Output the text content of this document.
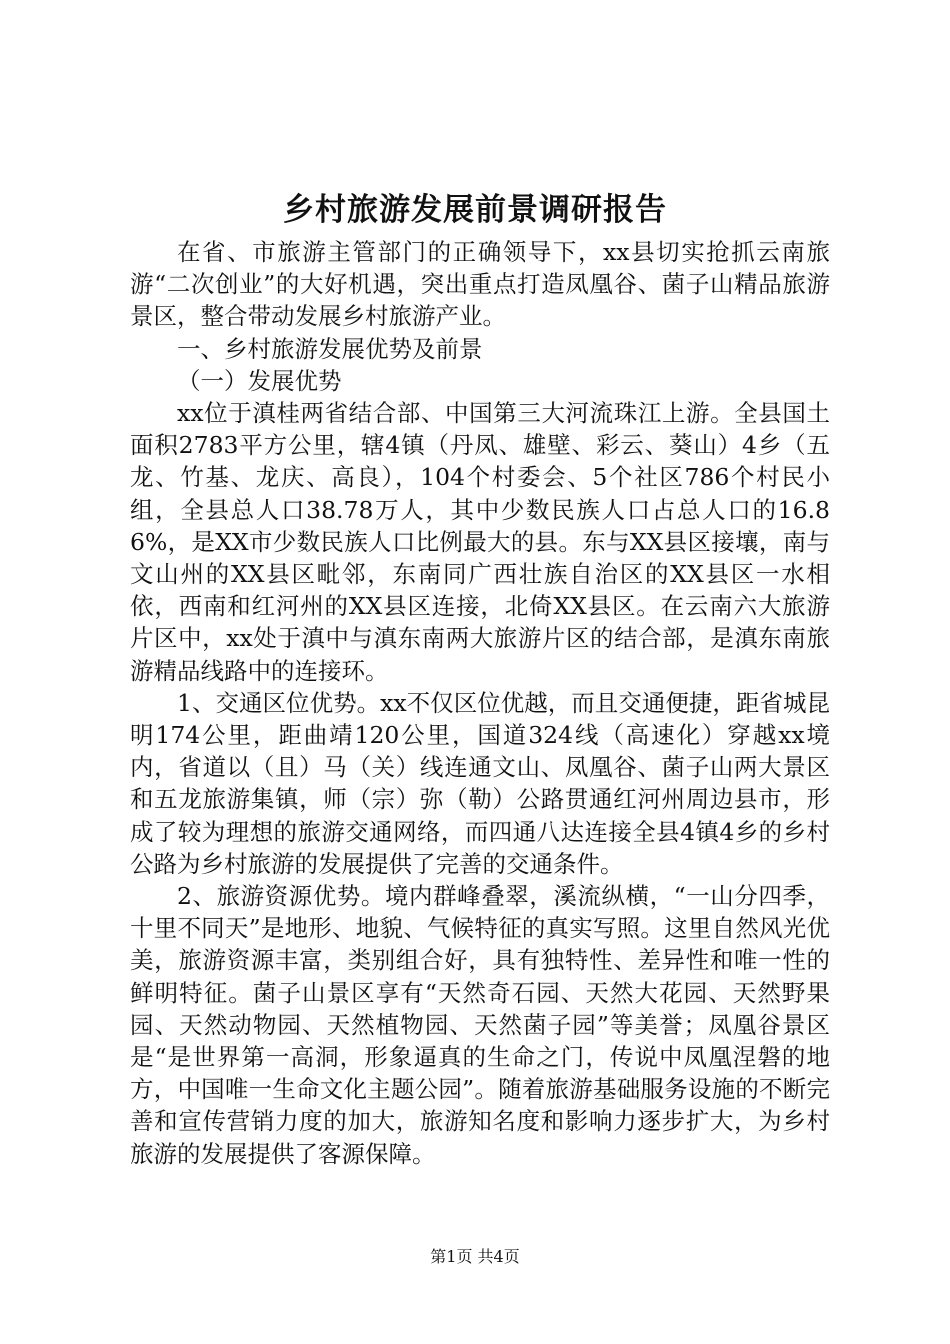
乡村旅游发展前景调研报告

在省、市旅游主管部门的正确领导下，xx县切实抢抓云南旅游“二次创业”的大好机遇，突出重点打造凤凰谷、菌子山精品旅游景区，整合带动发展乡村旅游产业。

一、乡村旅游发展优势及前景

（一）发展优势

xx位于滇桂两省结合部、中国第三大河流珠江上游。全县国土面积2783平方公里，辖4镇（丹凤、雄壁、彩云、葵山）4乡（五龙、竹基、龙庆、高良），104个村委会、5个社区786个村民小组，全县总人口38.78万人，其中少数民族人口占总人口的16.86%，是XX市少数民族人口比例最大的县。东与XX县区接壤，南与文山州的XX县区毗邻，东南同广西壮族自治区的XX县区一水相依，西南和红河州的XX县区连接，北倚XX县区。在云南六大旅游片区中，xx处于滇中与滇东南两大旅游片区的结合部，是滇东南旅游精品线路中的连接环。

1、交通区位优势。xx不仅区位优越，而且交通便捷，距省城昆明174公里，距曲靖120公里，国道324线（高速化）穿越xx境内，省道以（且）马（关）线连通文山、凤凰谷、菌子山两大景区和五龙旅游集镇，师（宗）弥（勒）公路贯通红河州周边县市，形成了较为理想的旅游交通网络，而四通八达连接全县4镇4乡的乡村公路为乡村旅游的发展提供了完善的交通条件。

2、旅游资源优势。境内群峰叠翠，溪流纵横，“一山分四季，十里不同天”是地形、地貌、气候特征的真实写照。这里自然风光优美，旅游资源丰富，类别组合好，具有独特性、差异性和唯一性的鲜明特征。菌子山景区享有“天然奇石园、天然大花园、天然野果园、天然动物园、天然植物园、天然菌子园”等美誉；凤凰谷景区是“是世界第一高洞，形象逼真的生命之门，传说中凤凰涅磐的地方，中国唯一生命文化主题公园”。随着旅游基础服务设施的不断完善和宣传营销力度的加大，旅游知名度和影响力逐步扩大，为乡村旅游的发展提供了客源保障。

第1页 共4页
